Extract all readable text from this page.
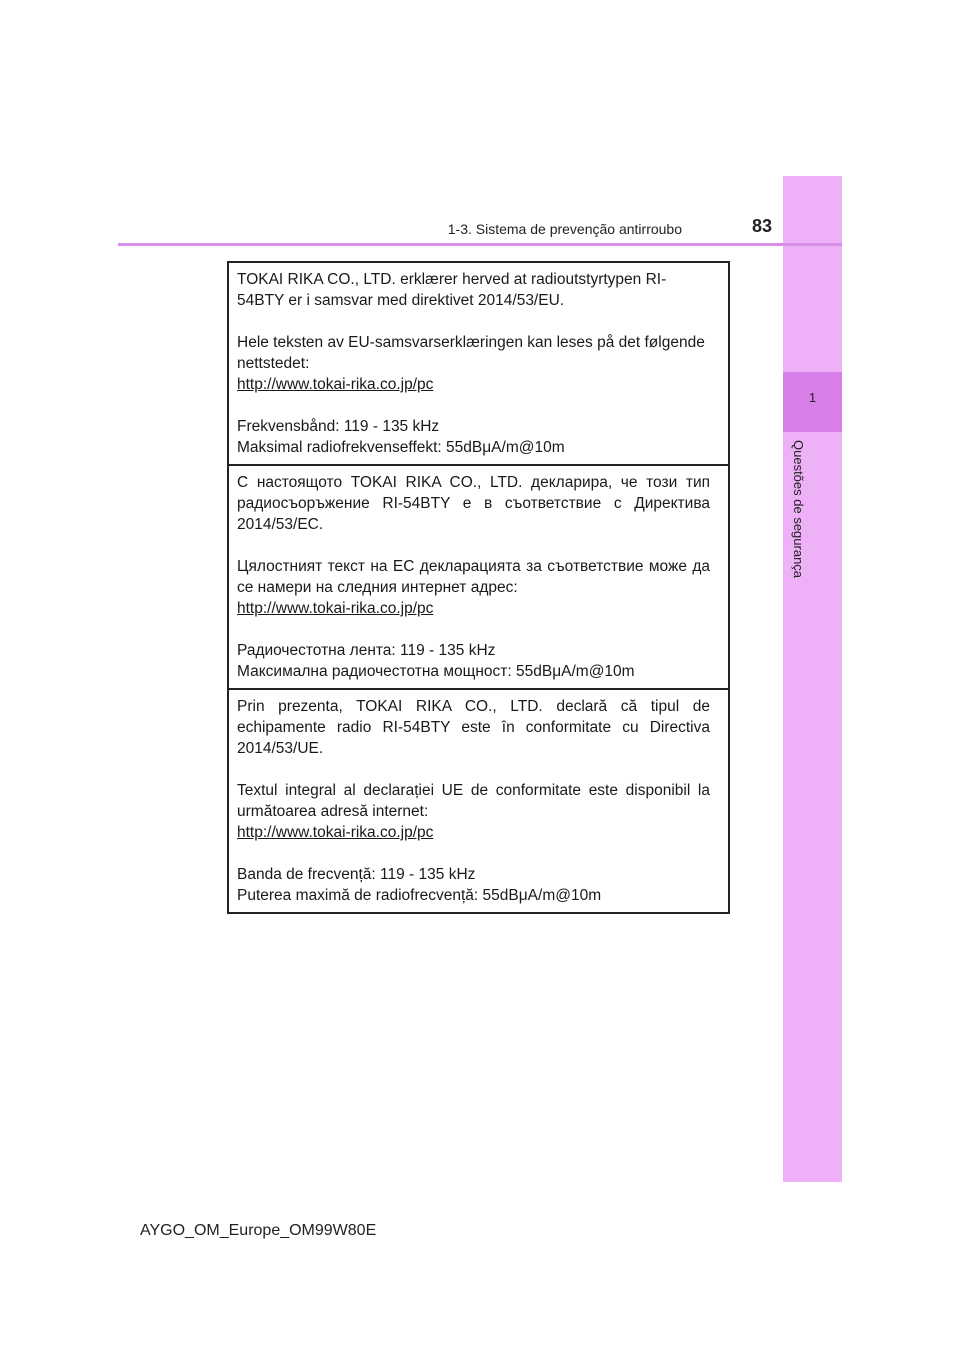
1
Questões de segurança
1-3. Sistema de prevenção antirroubo	83

TOKAI RIKA CO., LTD. erklærer herved at radioutstyrtypen RI-54BTY er i samsvar med direktivet 2014/53/EU.

Hele teksten av EU-samsvarserklæringen kan leses på det følgende nettstedet:
http://www.tokai-rika.co.jp/pc

Frekvensbånd: 119 - 135 kHz
Maksimal radiofrekvenseffekt: 55dBμA/m@10m

С настоящото TOKAI RIKA CO., LTD. декларира, че този тип радиосъоръжение RI-54BTY е в съответствие с Директива 2014/53/ЕС.

Цялостният текст на ЕС декларацията за съответствие може да се намери на следния интернет адрес:
http://www.tokai-rika.co.jp/pc

Радиочестотна лента: 119 - 135 kHz
Максимална радиочестотна мощност: 55dBμA/m@10m

Prin prezenta, TOKAI RIKA CO., LTD. declară că tipul de echipamente radio RI-54BTY este în conformitate cu Directiva 2014/53/UE.

Textul integral al declarației UE de conformitate este disponibil la următoarea adresă internet:
http://www.tokai-rika.co.jp/pc

Banda de frecvență: 119 - 135 kHz
Puterea maximă de radiofrecvență: 55dBμA/m@10m

AYGO_OM_Europe_OM99W80E
